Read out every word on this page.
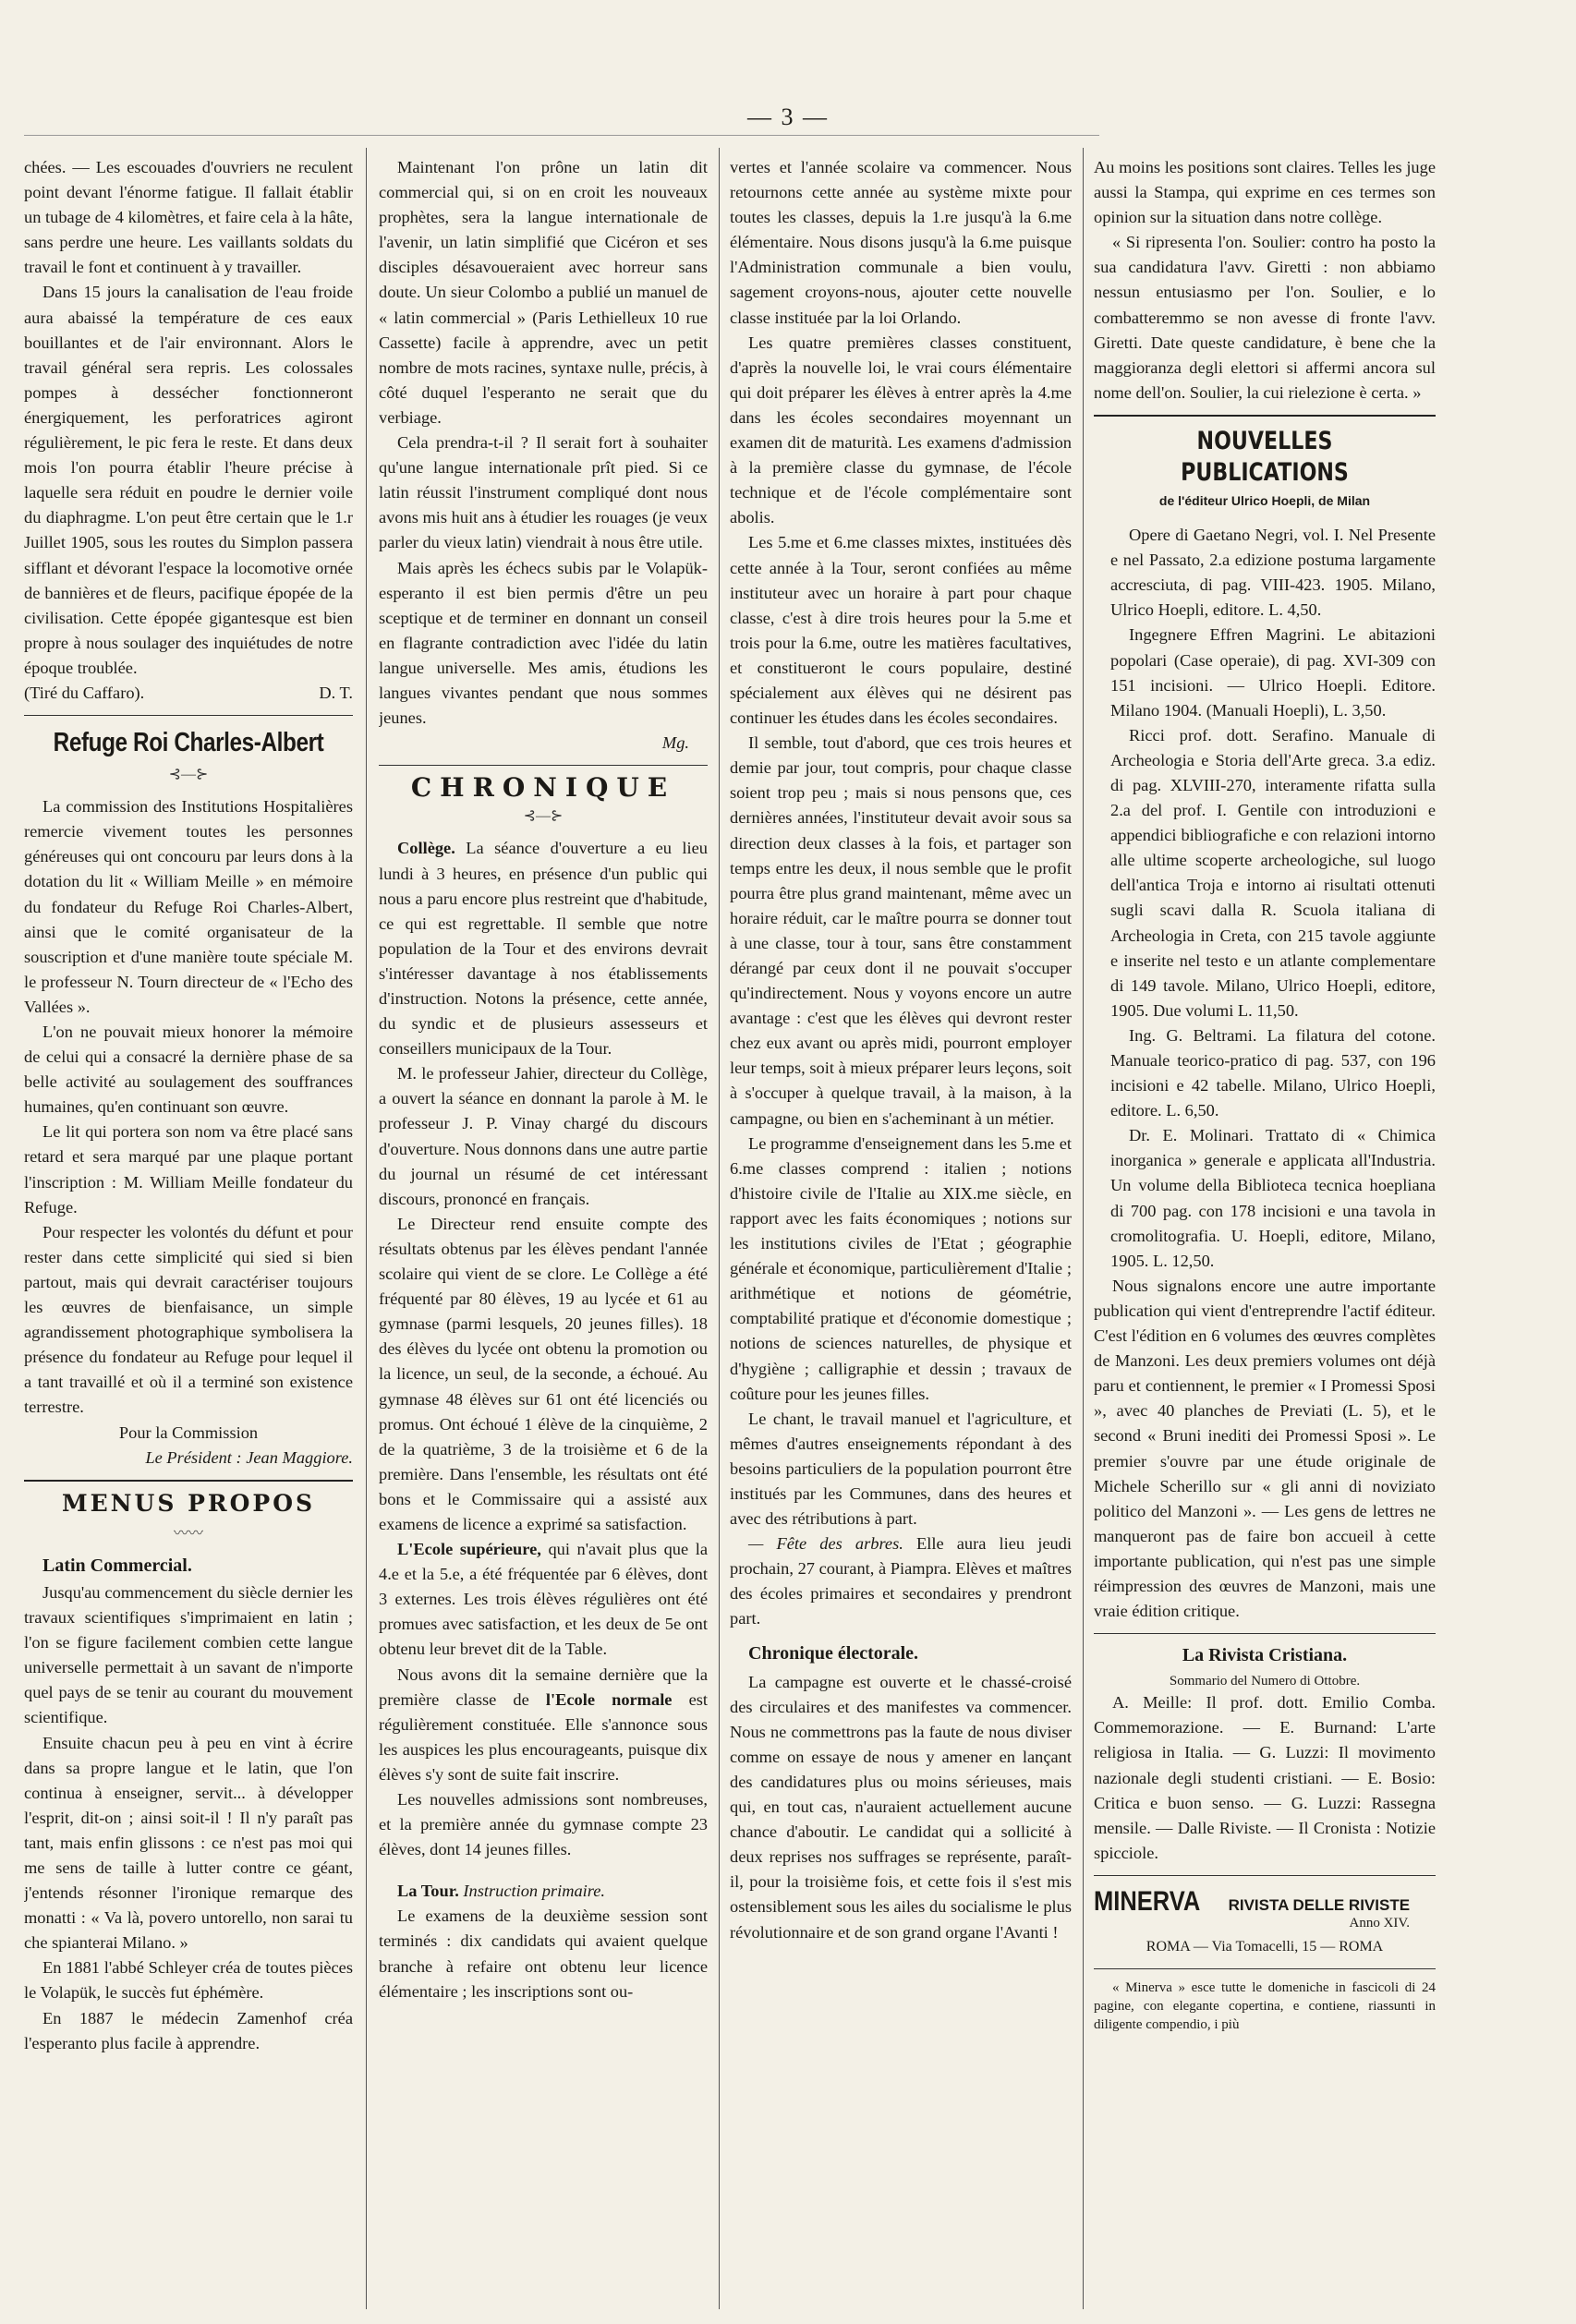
— 3 —

chées. — Les escouades d'ouvriers ne reculent point devant l'énorme fatigue. Il fallait établir un tubage de 4 kilomètres, et faire cela à la hâte, sans perdre une heure. Les vaillants soldats du travail le font et continuent à y travailler.

Dans 15 jours la canalisation de l'eau froide aura abaissé la température de ces eaux bouillantes et de l'air environnant. Alors le travail général sera repris. Les colossales pompes à dessécher fonctionneront énergiquement, les perforatrices agiront régulièrement, le pic fera le reste. Et dans deux mois l'on pourra établir l'heure précise à laquelle sera réduit en poudre le dernier voile du diaphragme. L'on peut être certain que le 1.r Juillet 1905, sous les routes du Simplon passera sifflant et dévorant l'espace la locomotive ornée de bannières et de fleurs, pacifique épopée de la civilisation. Cette épopée gigantesque est bien propre à nous soulager des inquiétudes de notre époque troublée.

(Tiré du Caffaro).	D. T.
Refuge Roi Charles-Albert
⊰—⊱

La commission des Institutions Hospitalières remercie vivement toutes les personnes généreuses qui ont concouru par leurs dons à la dotation du lit « William Meille » en mémoire du fondateur du Refuge Roi Charles-Albert, ainsi que le comité organisateur de la souscription et d'une manière toute spéciale M. le professeur N. Tourn directeur de « l'Echo des Vallées ».

L'on ne pouvait mieux honorer la mémoire de celui qui a consacré la dernière phase de sa belle activité au soulagement des souffrances humaines, qu'en continuant son œuvre.

Le lit qui portera son nom va être placé sans retard et sera marqué par une plaque portant l'inscription : M. William Meille fondateur du Refuge.

Pour respecter les volontés du défunt et pour rester dans cette simplicité qui sied si bien partout, mais qui devrait caractériser toujours les œuvres de bienfaisance, un simple agrandissement photographique symbolisera la présence du fondateur au Refuge pour lequel il a tant travaillé et où il a terminé son existence terrestre.

Pour la Commission
Le Président : Jean Maggiore.
MENUS PROPOS
〰〰
Latin Commercial.

Jusqu'au commencement du siècle dernier les travaux scientifiques s'imprimaient en latin ; l'on se figure facilement combien cette langue universelle permettait à un savant de n'importe quel pays de se tenir au courant du mouvement scientifique.

Ensuite chacun peu à peu en vint à écrire dans sa propre langue et le latin, que l'on continua à enseigner, servit... à développer l'esprit, dit-on ; ainsi soit-il ! Il n'y paraît pas tant, mais enfin glissons : ce n'est pas moi qui me sens de taille à lutter contre ce géant, j'entends résonner l'ironique remarque des monatti : « Va là, povero untorello, non sarai tu che spianterai Milano. »

En 1881 l'abbé Schleyer créa de toutes pièces le Volapük, le succès fut éphémère.

En 1887 le médecin Zamenhof créa l'esperanto plus facile à apprendre.

Maintenant l'on prône un latin dit commercial qui, si on en croit les nouveaux prophètes, sera la langue internationale de l'avenir, un latin simplifié que Cicéron et ses disciples désavoueraient avec horreur sans doute. Un sieur Colombo a publié un manuel de « latin commercial » (Paris Lethielleux 10 rue Cassette) facile à apprendre, avec un petit nombre de mots racines, syntaxe nulle, précis, à côté duquel l'esperanto ne serait que du verbiage.

Cela prendra-t-il ? Il serait fort à souhaiter qu'une langue internationale prît pied. Si ce latin réussit l'instrument compliqué dont nous avons mis huit ans à étudier les rouages (je veux parler du vieux latin) viendrait à nous être utile.

Mais après les échecs subis par le Volapük-esperanto il est bien permis d'être un peu sceptique et de terminer en donnant un conseil en flagrante contradiction avec l'idée du latin langue universelle. Mes amis, étudions les langues vivantes pendant que nous sommes jeunes.

Mg.
CHRONIQUE
⊰—⊱

Collège. La séance d'ouverture a eu lieu lundi à 3 heures, en présence d'un public qui nous a paru encore plus restreint que d'habitude, ce qui est regrettable. Il semble que notre population de la Tour et des environs devrait s'intéresser davantage à nos établissements d'instruction. Notons la présence, cette année, du syndic et de plusieurs assesseurs et conseillers municipaux de la Tour.

M. le professeur Jahier, directeur du Collège, a ouvert la séance en donnant la parole à M. le professeur J. P. Vinay chargé du discours d'ouverture. Nous donnons dans une autre partie du journal un résumé de cet intéressant discours, prononcé en français.

Le Directeur rend ensuite compte des résultats obtenus par les élèves pendant l'année scolaire qui vient de se clore. Le Collège a été fréquenté par 80 élèves, 19 au lycée et 61 au gymnase (parmi lesquels, 20 jeunes filles). 18 des élèves du lycée ont obtenu la promotion ou la licence, un seul, de la seconde, a échoué. Au gymnase 48 élèves sur 61 ont été licenciés ou promus. Ont échoué 1 élève de la cinquième, 2 de la quatrième, 3 de la troisième et 6 de la première. Dans l'ensemble, les résultats ont été bons et le Commissaire qui a assisté aux examens de licence a exprimé sa satisfaction.

L'Ecole supérieure, qui n'avait plus que la 4.e et la 5.e, a été fréquentée par 6 élèves, dont 3 externes. Les trois élèves régulières ont été promues avec satisfaction, et les deux de 5e ont obtenu leur brevet dit de la Table.

Nous avons dit la semaine dernière que la première classe de l'Ecole normale est régulièrement constituée. Elle s'annonce sous les auspices les plus encourageants, puisque dix élèves s'y sont de suite fait inscrire.

Les nouvelles admissions sont nombreuses, et la première année du gymnase compte 23 élèves, dont 14 jeunes filles.

La Tour. Instruction primaire.

Le examens de la deuxième session sont terminés : dix candidats qui avaient quelque branche à refaire ont obtenu leur licence élémentaire ; les inscriptions sont ou-

vertes et l'année scolaire va commencer. Nous retournons cette année au système mixte pour toutes les classes, depuis la 1.re jusqu'à la 6.me élémentaire. Nous disons jusqu'à la 6.me puisque l'Administration communale a bien voulu, sagement croyons-nous, ajouter cette nouvelle classe instituée par la loi Orlando.

Les quatre premières classes constituent, d'après la nouvelle loi, le vrai cours élémentaire qui doit préparer les élèves à entrer après la 4.me dans les écoles secondaires moyennant un examen dit de maturità. Les examens d'admission à la première classe du gymnase, de l'école technique et de l'école complémentaire sont abolis.

Les 5.me et 6.me classes mixtes, instituées dès cette année à la Tour, seront confiées au même instituteur avec un horaire à part pour chaque classe, c'est à dire trois heures pour la 5.me et trois pour la 6.me, outre les matières facultatives, et constitueront le cours populaire, destiné spécialement aux élèves qui ne désirent pas continuer les études dans les écoles secondaires.

Il semble, tout d'abord, que ces trois heures et demie par jour, tout compris, pour chaque classe soient trop peu ; mais si nous pensons que, ces dernières années, l'instituteur devait avoir sous sa direction deux classes à la fois, et partager son temps entre les deux, il nous semble que le profit pourra être plus grand maintenant, même avec un horaire réduit, car le maître pourra se donner tout à une classe, tour à tour, sans être constamment dérangé par ceux dont il ne pouvait s'occuper qu'indirectement. Nous y voyons encore un autre avantage : c'est que les élèves qui devront rester chez eux avant ou après midi, pourront employer leur temps, soit à mieux préparer leurs leçons, soit à s'occuper à quelque travail, à la maison, à la campagne, ou bien en s'acheminant à un métier.

Le programme d'enseignement dans les 5.me et 6.me classes comprend : italien ; notions d'histoire civile de l'Italie au XIX.me siècle, en rapport avec les faits économiques ; notions sur les institutions civiles de l'Etat ; géographie générale et économique, particulièrement d'Italie ; arithmétique et notions de géométrie, comptabilité pratique et d'économie domestique ; notions de sciences naturelles, de physique et d'hygiène ; calligraphie et dessin ; travaux de coûture pour les jeunes filles.

Le chant, le travail manuel et l'agriculture, et mêmes d'autres enseignements répondant à des besoins particuliers de la population pourront être institués par les Communes, dans des heures et avec des rétributions à part.

— Fête des arbres. Elle aura lieu jeudi prochain, 27 courant, à Piampra. Elèves et maîtres des écoles primaires et secondaires y prendront part.

Chronique électorale.

La campagne est ouverte et le chassé-croisé des circulaires et des manifestes va commencer. Nous ne commettrons pas la faute de nous diviser comme on essaye de nous y amener en lançant des candidatures plus ou moins sérieuses, mais qui, en tout cas, n'auraient actuellement aucune chance d'aboutir. Le candidat qui a sollicité à deux reprises nos suffrages se représente, paraît-il, pour la troisième fois, et cette fois il s'est mis ostensiblement sous les ailes du socialisme le plus révolutionnaire et de son grand organe l'Avanti !

Au moins les positions sont claires. Telles les juge aussi la Stampa, qui exprime en ces termes son opinion sur la situation dans notre collège.

« Si ripresenta l'on. Soulier: contro ha posto la sua candidatura l'avv. Giretti : non abbiamo nessun entusiasmo per l'on. Soulier, e lo combatteremmo se non avesse di fronte l'avv. Giretti. Date queste candidature, è bene che la maggioranza degli elettori si affermi ancora sul nome dell'on. Soulier, la cui rielezione è certa. »

NOUVELLES PUBLICATIONS
de l'éditeur Ulrico Hoepli, de Milan

Opere di Gaetano Negri, vol. I. Nel Presente e nel Passato, 2.a edizione postuma largamente accresciuta, di pag. VIII-423. 1905. Milano, Ulrico Hoepli, editore. L. 4,50.

Ingegnere Effren Magrini. Le abitazioni popolari (Case operaie), di pag. XVI-309 con 151 incisioni. — Ulrico Hoepli. Editore. Milano 1904. (Manuali Hoepli), L. 3,50.

Ricci prof. dott. Serafino. Manuale di Archeologia e Storia dell'Arte greca. 3.a ediz. di pag. XLVIII-270, interamente rifatta sulla 2.a del prof. I. Gentile con introduzioni e appendici bibliografiche e con relazioni intorno alle ultime scoperte archeologiche, sul luogo dell'antica Troja e intorno ai risultati ottenuti sugli scavi dalla R. Scuola italiana di Archeologia in Creta, con 215 tavole aggiunte e inserite nel testo e un atlante complementare di 149 tavole. Milano, Ulrico Hoepli, editore, 1905. Due volumi L. 11,50.

Ing. G. Beltrami. La filatura del cotone. Manuale teorico-pratico di pag. 537, con 196 incisioni e 42 tabelle. Milano, Ulrico Hoepli, editore. L. 6,50.

Dr. E. Molinari. Trattato di « Chimica inorganica » generale e applicata all'Industria. Un volume della Biblioteca tecnica hoepliana di 700 pag. con 178 incisioni e una tavola in cromolitografia. U. Hoepli, editore, Milano, 1905. L. 12,50.

Nous signalons encore une autre importante publication qui vient d'entreprendre l'actif éditeur. C'est l'édition en 6 volumes des œuvres complètes de Manzoni. Les deux premiers volumes ont déjà paru et contiennent, le premier « I Promessi Sposi », avec 40 planches de Previati (L. 5), et le second « Bruni inediti dei Promessi Sposi ». Le premier s'ouvre par une étude originale de Michele Scherillo sur « gli anni di noviziato politico del Manzoni ». — Les gens de lettres ne manqueront pas de faire bon accueil à cette importante publication, qui n'est pas une simple réimpression des œuvres de Manzoni, mais une vraie édition critique.

La Rivista Cristiana.
Sommario del Numero di Ottobre.

A. Meille: Il prof. dott. Emilio Comba. Commemorazione. — E. Burnand: L'arte religiosa in Italia. — G. Luzzi: Il movimento nazionale degli studenti cristiani. — E. Bosio: Critica e buon senso. — G. Luzzi: Rassegna mensile. — Dalle Riviste. — Il Cronista : Notizie spicciole.

MINERVA RIVISTA DELLE RIVISTE
Anno XIV.
ROMA — Via Tomacelli, 15 — ROMA

« Minerva » esce tutte le domeniche in fascicoli di 24 pagine, con elegante copertina, e contiene, riassunti in diligente compendio, i più
